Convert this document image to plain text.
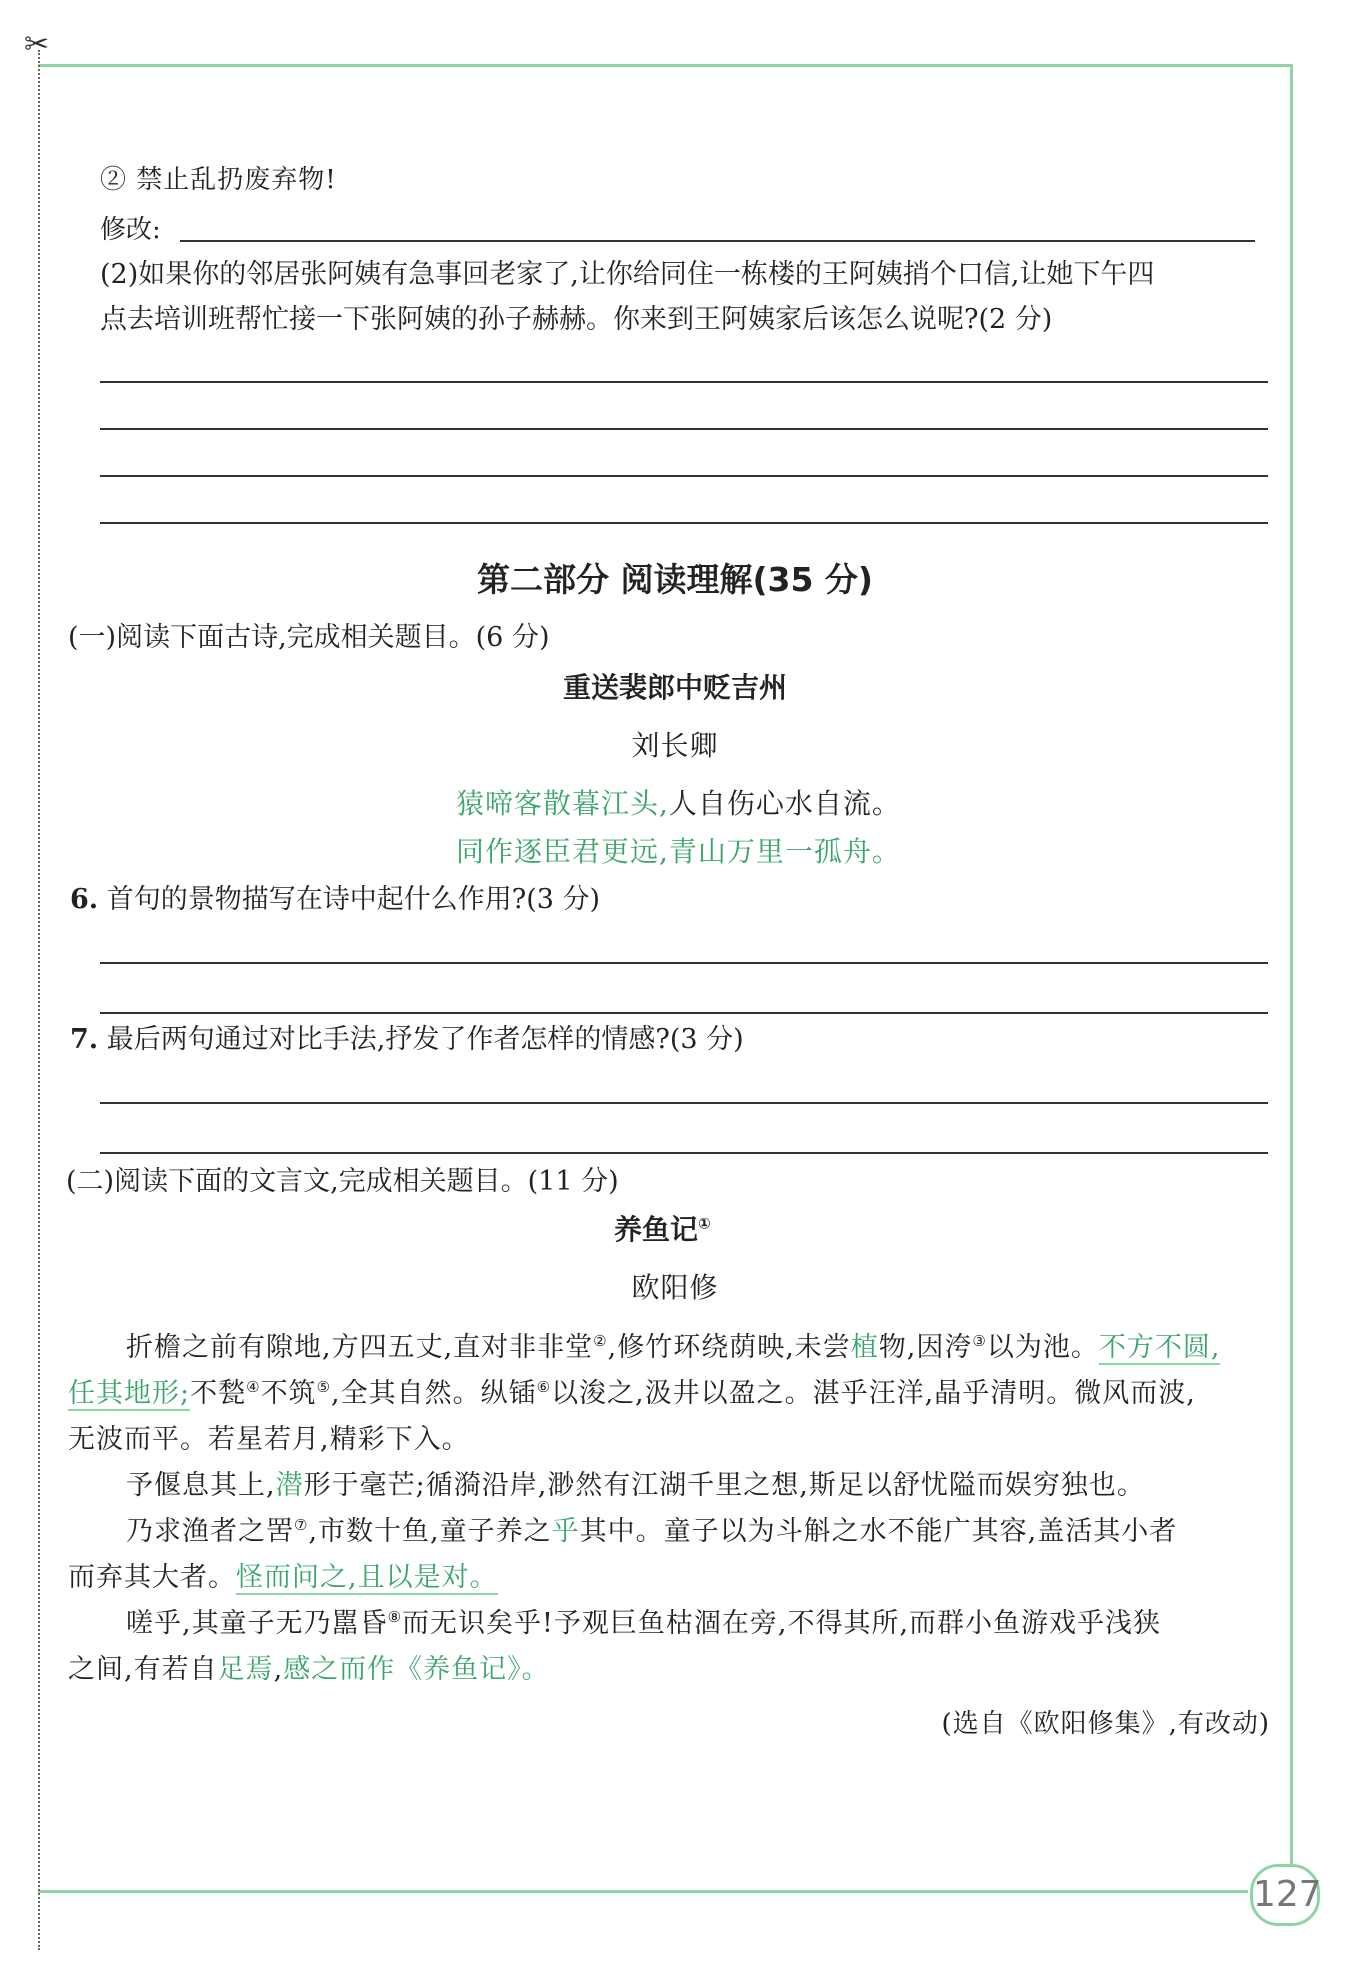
✂
② 禁止乱扔废弃物!
修改:
(2)如果你的邻居张阿姨有急事回老家了,让你给同住一栋楼的王阿姨捎个口信,让她下午四
点去培训班帮忙接一下张阿姨的孙子赫赫。你来到王阿姨家后该怎么说呢?(2 分)
第二部分 阅读理解(35 分)
(一)阅读下面古诗,完成相关题目。(6 分)
重送裴郎中贬吉州
刘长卿
猿啼客散暮江头,人自伤心水自流。
同作逐臣君更远,青山万里一孤舟。
6. 首句的景物描写在诗中起什么作用?(3 分)
7. 最后两句通过对比手法,抒发了作者怎样的情感?(3 分)
(二)阅读下面的文言文,完成相关题目。(11 分)
养鱼记①
欧阳修
折檐之前有隙地,方四五丈,直对非非堂②,修竹环绕荫映,未尝植物,因洿③以为池。不方不圆,
任其地形;不甃④不筑⑤,全其自然。纵锸⑥以浚之,汲井以盈之。湛乎汪洋,晶乎清明。微风而波,
无波而平。若星若月,精彩下入。
予偃息其上,潜形于毫芒;循漪沿岸,渺然有江湖千里之想,斯足以舒忧隘而娱穷独也。
乃求渔者之罟⑦,市数十鱼,童子养之乎其中。童子以为斗斛之水不能广其容,盖活其小者
而弃其大者。怪而问之,且以是对。
嗟乎,其童子无乃嚚昏⑧而无识矣乎!予观巨鱼枯涸在旁,不得其所,而群小鱼游戏乎浅狭
之间,有若自足焉,感之而作《养鱼记》。
(选自《欧阳修集》,有改动)
127
